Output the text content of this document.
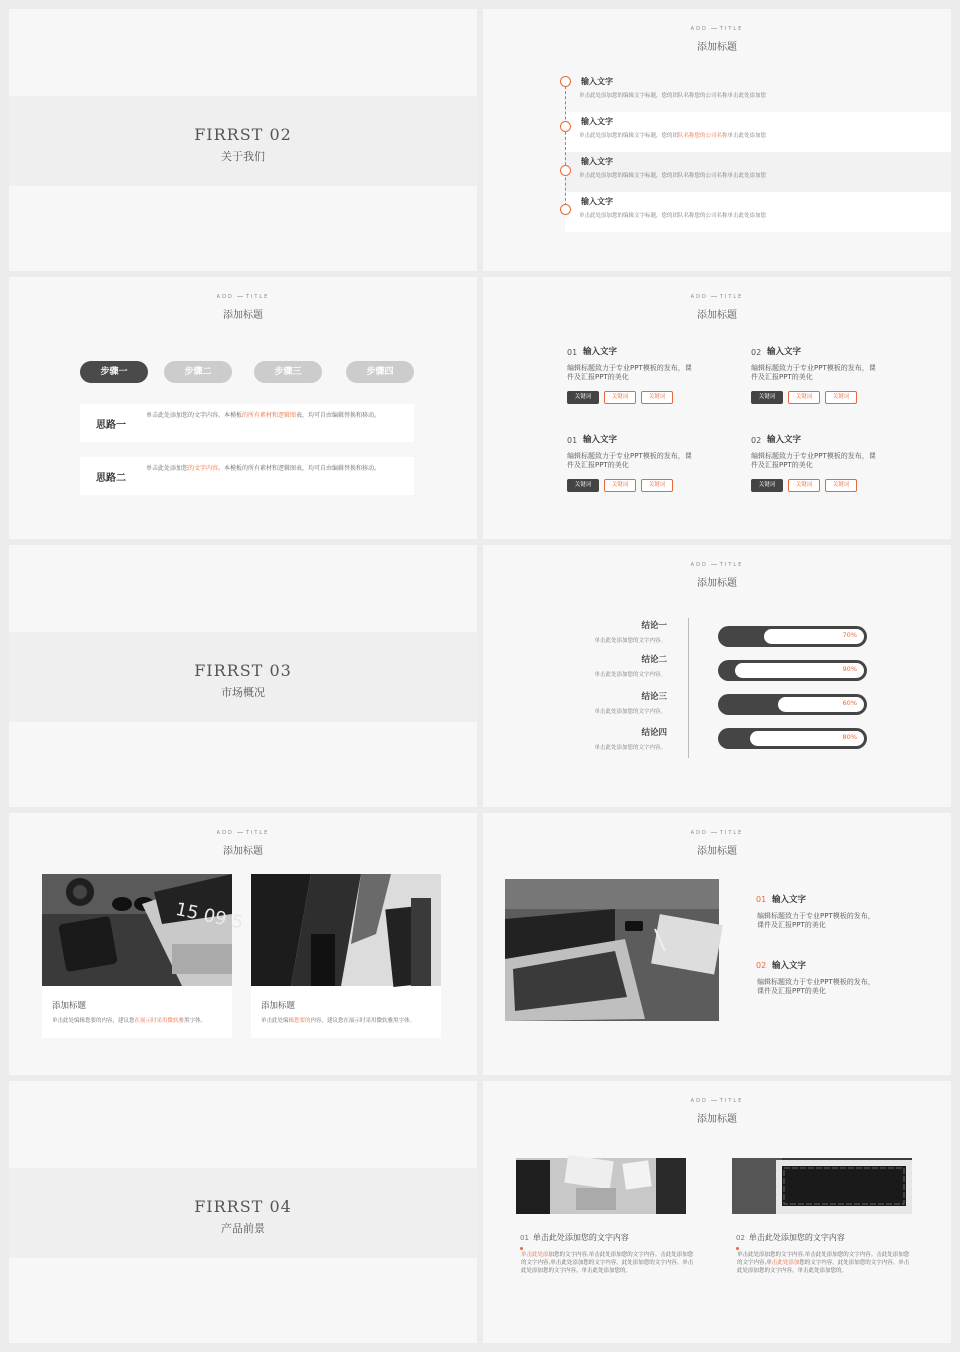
FIRRST 02
关于我们
ADD TITLE
添加标题
输入文字
单击此处添加您的编辑文字标题，您的团队名称您的公司名称单击此处添加您
输入文字
单击此处添加您的编辑文字标题，您的团队名称您的公司名称单击此处添加您
输入文字
单击此处添加您的编辑文字标题，您的团队名称您的公司名称单击此处添加您
输入文字
单击此处添加您的编辑文字标题，您的团队名称您的公司名称单击此处添加您
ADD TITLE
添加标题
步骤一	步骤二	步骤三	步骤四
思路一
单击此处添加您的文字内容。本模板的所有素材和逻辑图表，均可自由编辑替换和移动。
思路二
单击此处添加您的文字内容。本模板的所有素材和逻辑图表，均可自由编辑替换和移动。
ADD TITLE
添加标题
01 输入文字
编辑标题致力于专业PPT模板的发布，课件及汇报PPT的美化
关键词	关键词	关键词
02 输入文字
编辑标题致力于专业PPT模板的发布，课件及汇报PPT的美化
关键词	关键词	关键词
01 输入文字
编辑标题致力于专业PPT模板的发布，课件及汇报PPT的美化
关键词	关键词	关键词
02 输入文字
编辑标题致力于专业PPT模板的发布，课件及汇报PPT的美化
关键词	关键词	关键词
FIRRST 03
市场概况
ADD TITLE
添加标题
结论一
单击此处添加您的文字内容。
结论二
单击此处添加您的文字内容。
结论三
单击此处添加您的文字内容。
结论四
单击此处添加您的文字内容。
70%
90%
60%
80%
ADD TITLE
添加标题
15 09 5
添加标题
单击此处编辑您要的内容，建议您在展示时采用微软雅黑字体。
添加标题
单击此处编辑您要的内容，建议您在展示时采用微软雅黑字体。
ADD TITLE
添加标题
01 输入文字
编辑标题致力于专业PPT模板的发布，课件及汇报PPT的美化
02 输入文字
编辑标题致力于专业PPT模板的发布，课件及汇报PPT的美化
FIRRST 04
产品前景
ADD TITLE
添加标题
01 单击此处添加您的文字内容
单击此处添加您的文字内容,单击此处添加您的文字内容。击此处添加您的文字内容,单击此处添加您的文字内容。此处添加您的文字内容。单击此处添加您的文字内容。单击此处添加您的。
02 单击此处添加您的文字内容
单击此处添加您的文字内容,单击此处添加您的文字内容。击此处添加您的文字内容,单击此处添加您的文字内容。此处添加您的文字内容。单击此处添加您的文字内容。单击此处添加您的。
